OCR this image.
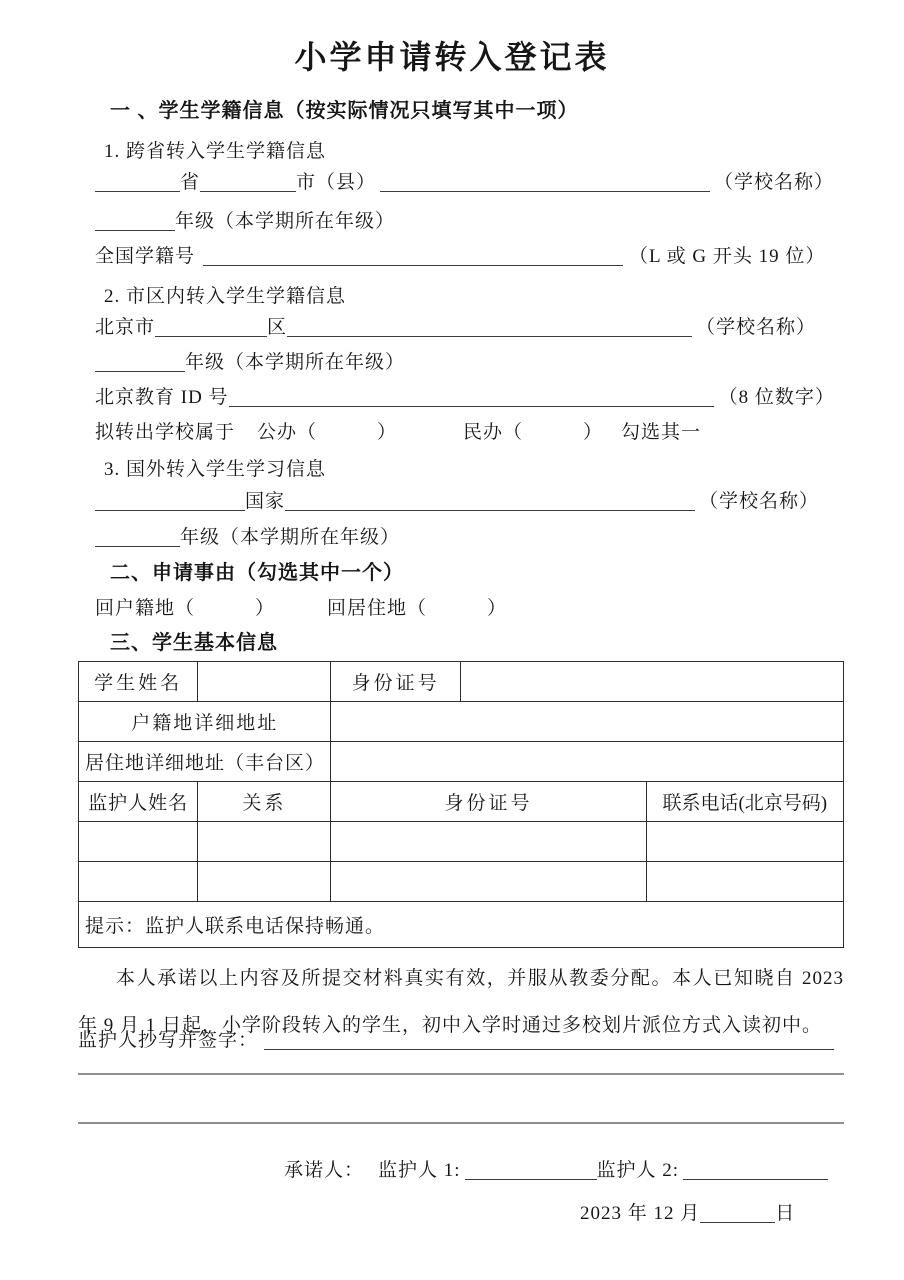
小学申请转入登记表
一 、学生学籍信息（按实际情况只填写其中一项）
1. 跨省转入学生学籍信息
省	市（县）	（学校名称）
年级（本学期所在年级）
全国学籍号	（L 或 G 开头 19 位）
2. 市区内转入学生学籍信息
北京市	区	（学校名称）
年级（本学期所在年级）
北京教育 ID 号	（8 位数字）
拟转出学校属于 公办（　　　）	民办（　　　） 勾选其一
3. 国外转入学生学习信息
国家	（学校名称）
年级（本学期所在年级）
二、申请事由（勾选其中一个）
回户籍地（　　　）	回居住地（　　　）
三、学生基本信息
学生姓名		身份证号		
户籍地详细地址				
居住地详细地址（丰台区）				
监护人姓名	关系	身份证号		联系电话(北京号码)

提示：监护人联系电话保持畅通。				

本人承诺以上内容及所提交材料真实有效，并服从教委分配。本人已知晓自 2023 年 9 月 1 日起，小学阶段转入的学生，初中入学时通过多校划片派位方式入读初中。

监护人抄写并签字：
承诺人： 监护人 1:	监护人 2:
2023 年 12 月	日
